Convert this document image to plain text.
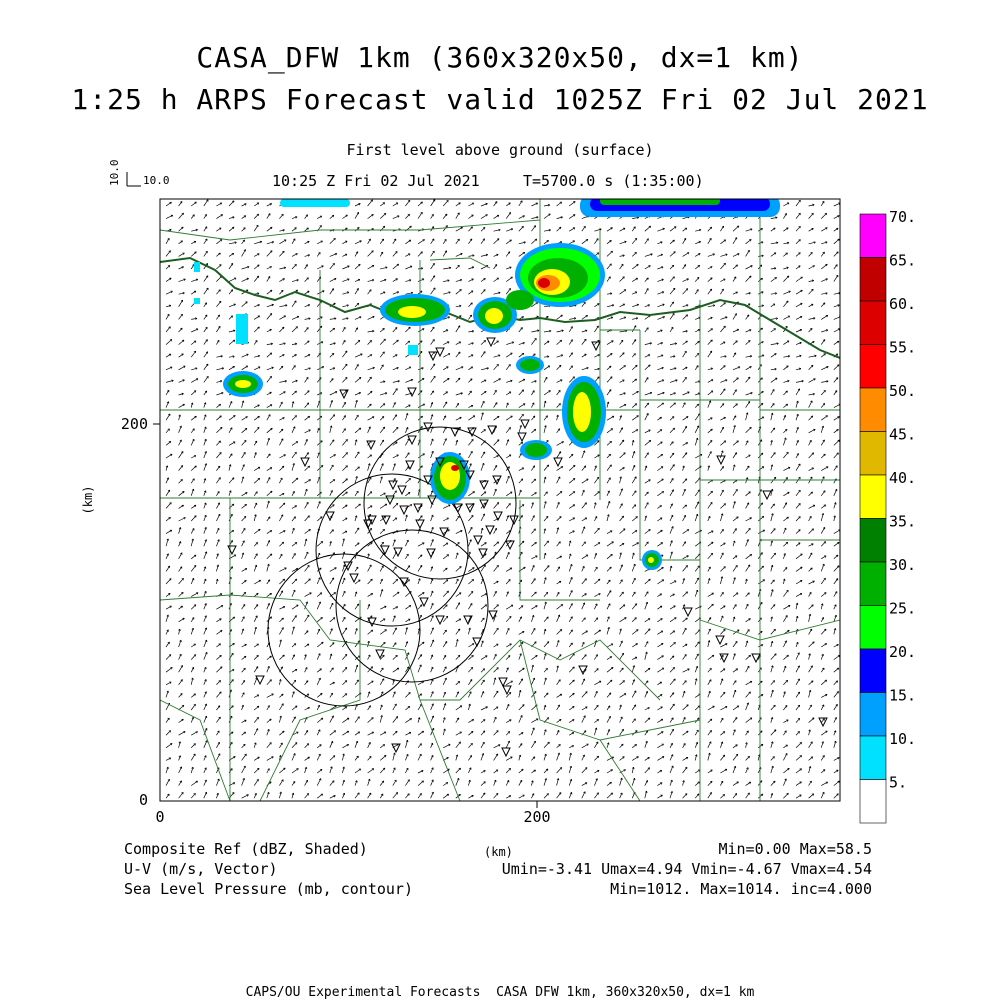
CASA_DFW 1km (360x320x50, dx=1 km)
1:25 h ARPS Forecast valid 1025Z Fri 02 Jul 2021
First level above ground (surface)
10:25 Z Fri 02 Jul 2021	T=5700.0 s (1:35:00)
10.0 10.0
0	200
0
200
(km)
70.
65.
60.
55.
50.
45.
40.
35.
30.
25.
20.
15.
10.
5.
Composite Ref (dBZ, Shaded)	(km)	Min=0.00 Max=58.5
U-V (m/s, Vector)	Umin=-3.41 Umax=4.94 Vmin=-4.67 Vmax=4.54
Sea Level Pressure (mb, contour)	Min=1012. Max=1014. inc=4.000
CAPS/OU Experimental Forecasts  CASA DFW 1km, 360x320x50, dx=1 km
